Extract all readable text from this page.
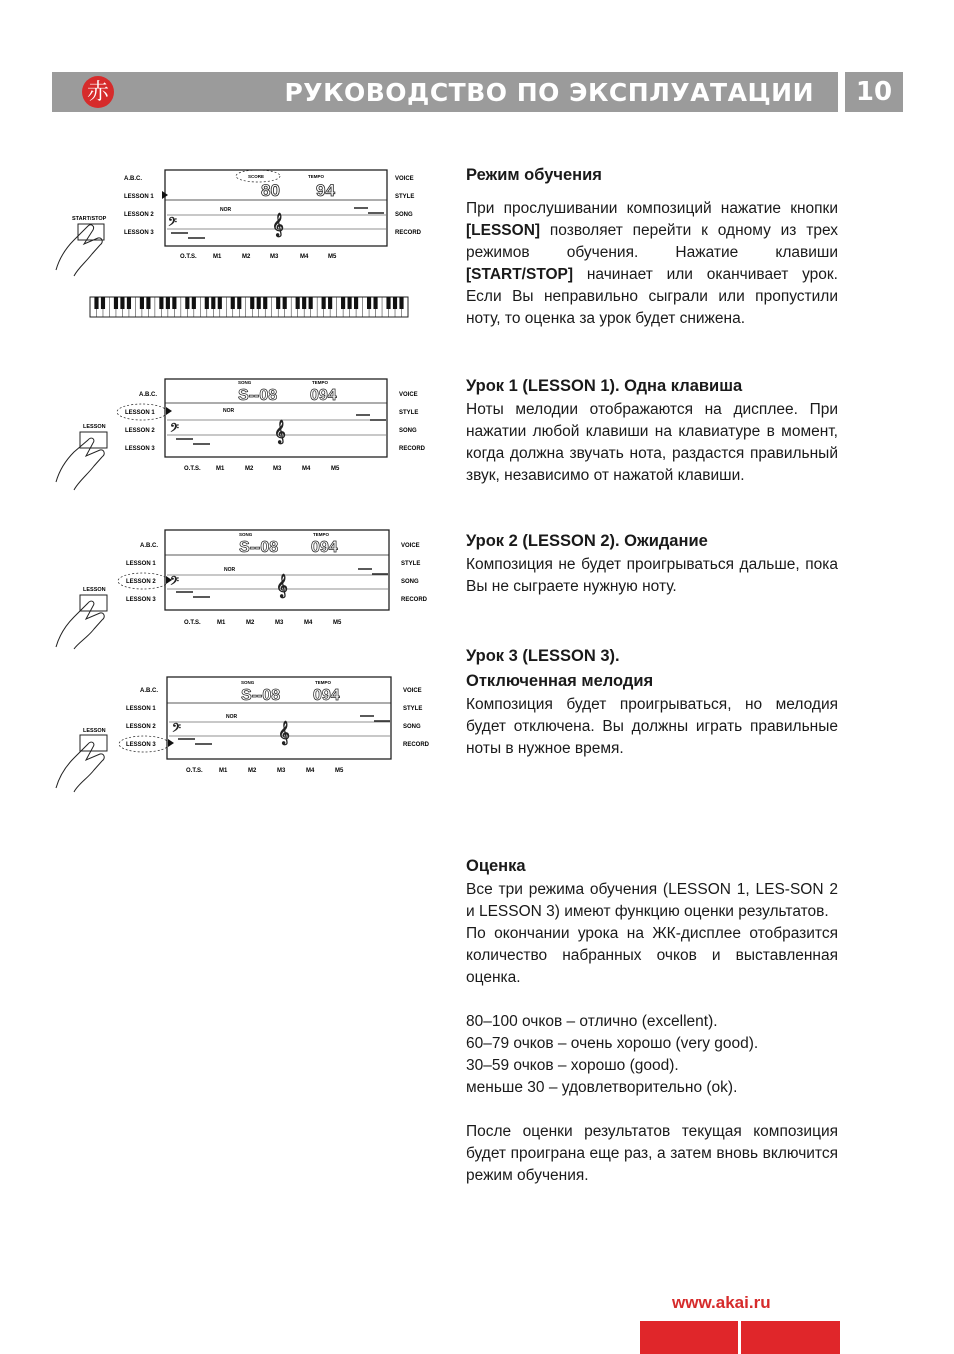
赤	РУКОВОДСТВО ПО ЭКСПЛУАТАЦИИ	10
A.B.C.
LESSON 1
LESSON 2
LESSON 3
VOICE
STYLE
SONG
RECORD
SCORE	TEMPO
80 94
NOR
𝄢	𝄞
O.T.S.	M1	M2	M3	M4	M5
START/STOP
A.B.C.
LESSON 1
LESSON 2
LESSON 3
VOICE
STYLE
SONG
RECORD
SONG	TEMPO
S--08 094
NOR
𝄢	𝄞
O.T.S.	M1	M2	M3	M4	M5
LESSON
A.B.C.
LESSON 1
LESSON 2
LESSON 3
VOICE
STYLE
SONG
RECORD
SONG	TEMPO
S--08 094
NOR
𝄢	𝄞
O.T.S.	M1	M2	M3	M4	M5
LESSON
A.B.C.
LESSON 1
LESSON 2
LESSON 3
VOICE
STYLE
SONG
RECORD
SONG	TEMPO
S--08 094
NOR
𝄢	𝄞
O.T.S.	M1	M2	M3	M4	M5
LESSON

Режим обучения

При прослушивании композиций нажатие кнопки [LESSON] позволяет перейти к одному из трех режимов обучения. Нажатие клавиши [START/STOP] начинает или оканчивает урок. Если Вы неправильно сыграли или пропустили ноту, то оценка за урок будет снижена.

Урок 1 (LESSON 1). Одна клавиша

Ноты мелодии отображаются на дисплее. При нажатии любой клавиши на клавиатуре в момент, когда должна звучать нота, раздастся правильный звук, независимо от нажатой клавиши.

Урок 2 (LESSON 2). Ожидание

Композиция не будет проигрываться дальше, пока Вы не сыграете нужную ноту.

Урок 3 (LESSON 3).

Отключенная мелодия

Композиция будет проигрываться, но мелодия будет отключена. Вы должны играть правильные ноты в нужное время.

Оценка

Все три режима обучения (LESSON 1, LES-SON 2 и LESSON 3) имеют функцию оценки результатов.

По окончании урока на ЖК-дисплее отобразится количество набранных очков и выставленная оценка.

80–100 очков – отлично (excellent).

60–79 очков – очень хорошо (very good).

30–59 очков – хорошо (good).

меньше 30 – удовлетворительно (ok).

После оценки результатов текущая композиция будет проиграна еще раз, а затем вновь включится режим обучения.

www.akai.ru
